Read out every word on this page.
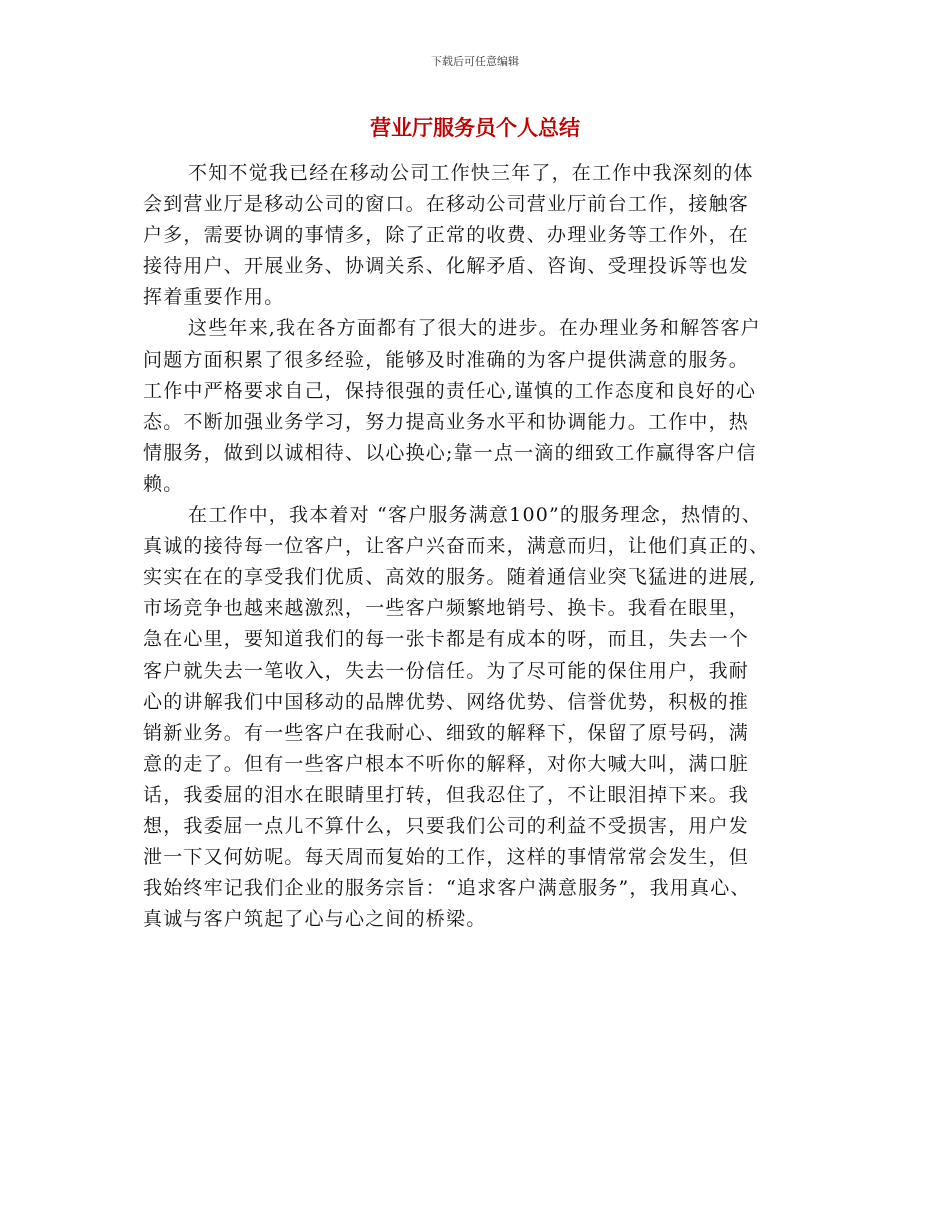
下载后可任意编辑
营业厅服务员个人总结
不知不觉我已经在移动公司工作快三年了，在工作中我深刻的体
会到营业厅是移动公司的窗口。在移动公司营业厅前台工作，接触客
户多，需要协调的事情多，除了正常的收费、办理业务等工作外，在
接待用户、开展业务、协调关系、化解矛盾、咨询、受理投诉等也发
挥着重要作用。
这些年来,我在各方面都有了很大的进步。在办理业务和解答客户
问题方面积累了很多经验，能够及时准确的为客户提供满意的服务。
工作中严格要求自己，保持很强的责任心,谨慎的工作态度和良好的心
态。不断加强业务学习，努力提高业务水平和协调能力。工作中，热
情服务，做到以诚相待、以心换心;靠一点一滴的细致工作赢得客户信
赖。
在工作中，我本着对 “客户服务满意100”的服务理念，热情的、
真诚的接待每一位客户，让客户兴奋而来，满意而归，让他们真正的、
实实在在的享受我们优质、高效的服务。随着通信业突飞猛进的进展,
市场竞争也越来越激烈，一些客户频繁地销号、换卡。我看在眼里，
急在心里，要知道我们的每一张卡都是有成本的呀，而且，失去一个
客户就失去一笔收入，失去一份信任。为了尽可能的保住用户，我耐
心的讲解我们中国移动的品牌优势、网络优势、信誉优势，积极的推
销新业务。有一些客户在我耐心、细致的解释下，保留了原号码，满
意的走了。但有一些客户根本不听你的解释，对你大喊大叫，满口脏
话，我委屈的泪水在眼睛里打转，但我忍住了，不让眼泪掉下来。我
想，我委屈一点儿不算什么，只要我们公司的利益不受损害，用户发
泄一下又何妨呢。每天周而复始的工作，这样的事情常常会发生，但
我始终牢记我们企业的服务宗旨：“追求客户满意服务”，我用真心、
真诚与客户筑起了心与心之间的桥梁。
